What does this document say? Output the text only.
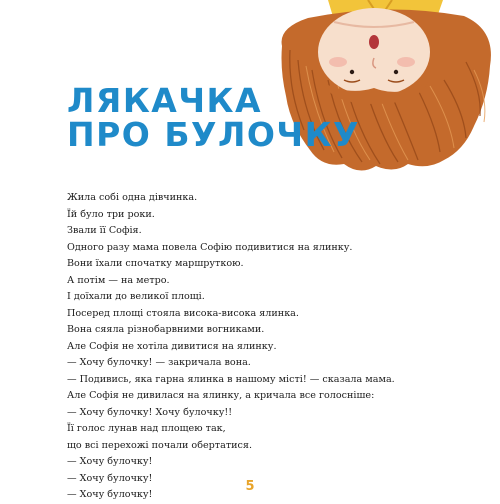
ЛЯКАЧКА
ПРО БУЛОЧКУ
Жила собі одна дівчинка.
Їй було три роки.
Звали її Софія.
Одного разу мама повела Софію подивитися на ялинку.
Вони їхали спочатку маршруткою.
А потім — на метро.
І доїхали до великої площі.
Посеред площі стояла висока-висока ялинка.
Вона сяяла різнобарвними вогниками.
Але Софія не хотіла дивитися на ялинку.
— Хочу булочку! — закричала вона.
— Подивись, яка гарна ялинка в нашому місті! — сказала мама.
Але Софія не дивилася на ялинку, а кричала все голосніше:
— Хочу булочку! Хочу булочку!!
Її голос лунав над площею так,
що всі перехожі почали обертатися.
— Хочу булочку!
— Хочу булочку!
— Хочу булочку!
5
